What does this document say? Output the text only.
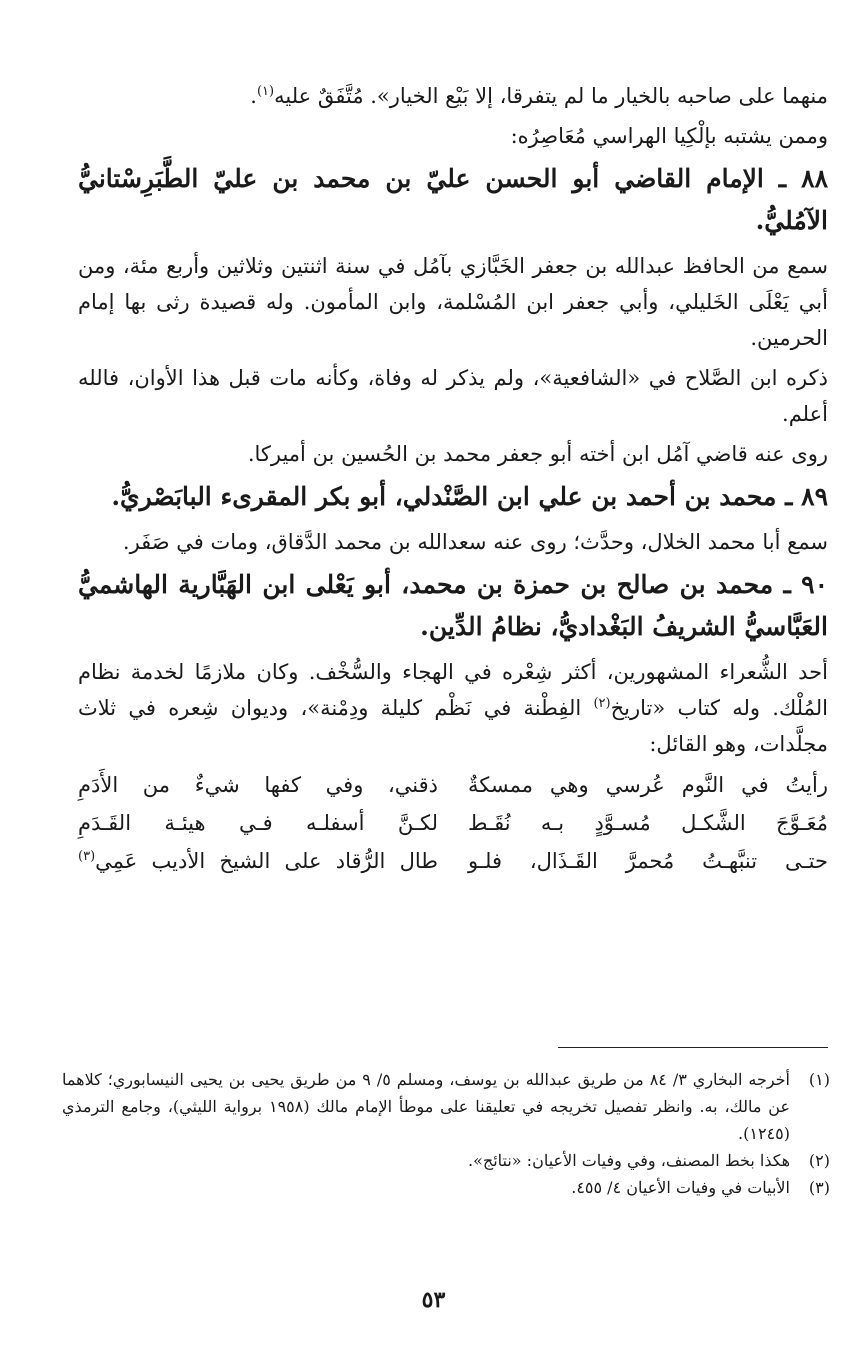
منهما على صاحبه بالخيار ما لم يتفرقا، إلا بَيْع الخيار». مُتَّفَقٌ عليه$^{(١)}$.

وممن يشتبه بإلْكِيا الهراسي مُعَاصِرُه:

٨٨ ـ الإمام القاضي أبو الحسن عليّ بن محمد بن عليّ الطَّبَرِسْتانيُّ الآمُليُّ.

سمع من الحافظ عبدالله بن جعفر الخَبَّازي بآمُل في سنة اثنتين وثلاثين وأربع مئة، ومن أبي يَعْلَى الخَليلي، وأبي جعفر ابن المُسْلمة، وابن المأمون. وله قصيدة رثى بها إمام الحرمين.

ذكره ابن الصَّلاح في «الشافعية»، ولم يذكر له وفاة، وكأنه مات قبل هذا الأوان، فالله أعلم.

روى عنه قاضي آمُل ابن أخته أبو جعفر محمد بن الحُسين بن أميركا.

٨٩ ـ محمد بن أحمد بن علي ابن الصَّنْدلي، أبو بكر المقرىء البابَصْريُّ.

سمع أبا محمد الخلال، وحدَّث؛ روى عنه سعدالله بن محمد الدَّقاق، ومات في صَفَر.

٩٠ ـ محمد بن صالح بن حمزة بن محمد، أبو يَعْلى ابن الهَبَّارية الهاشميُّ العَبَّاسيُّ الشريفُ البَغْداديُّ، نظامُ الدِّين.

أحد الشُّعراء المشهورين، أكثر شِعْره في الهجاء والسُّخْف. وكان ملازمًا لخدمة نظام المُلْك. وله كتاب «تاريخ$^{(٢)}$ الفِطْنة في نَظْم كليلة ودِمْنة»، وديوان شِعره في ثلاث مجلَّدات، وهو القائل:

رأيتُ في النَّوم عُرسي وهي ممسكةٌ
ذقني، وفي كفها شيءٌ من الأَدَمِ
مُعَـوَّجَ الشَّكـل مُسـوَّدٍ بـه نُقَـط
لكـنَّ أسفلـه فـي هيئـة القَـدَمِ
حتـى تنبَّهـتُ مُحمرَّ القَـذَال، فلـو
طال الرُّقاد على الشيخ الأديب عَمِي$^{(٣)}$
(١)
أخرجه البخاري ٣/ ٨٤ من طريق عبدالله بن يوسف، ومسلم ٥/ ٩ من طريق يحيى بن يحيى النيسابوري؛ كلاهما عن مالك، به. وانظر تفصيل تخريجه في تعليقنا على موطأ الإمام مالك (١٩٥٨ برواية الليثي)، وجامع الترمذي (١٢٤٥).
(٢)
هكذا بخط المصنف، وفي وفيات الأعيان: «نتائج».
(٣)
الأبيات في وفيات الأعيان ٤/ ٤٥٥.
٥٣
